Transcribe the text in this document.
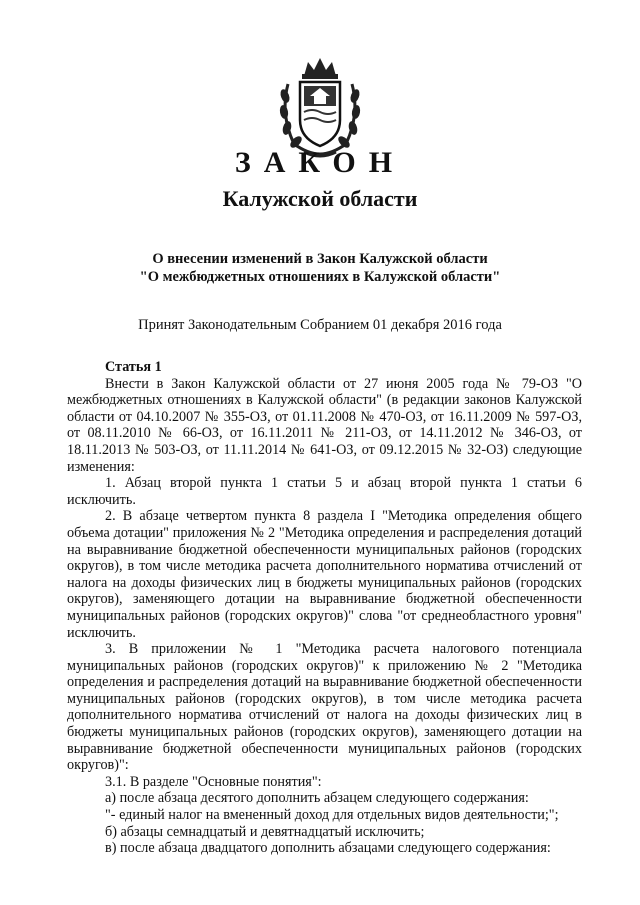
ЗАКОН
Калужской области
О внесении изменений в Закон Калужской области
"О межбюджетных отношениях в Калужской области"
Принят Законодательным Собранием 01 декабря 2016 года

Статья 1

Внести в Закон Калужской области от 27 июня 2005 года № 79-ОЗ "О межбюджетных отношениях в Калужской области" (в редакции законов Калужской области от 04.10.2007 № 355-ОЗ, от 01.11.2008 № 470-ОЗ, от 16.11.2009 № 597-ОЗ, от 08.11.2010 № 66-ОЗ, от 16.11.2011 № 211-ОЗ, от 14.11.2012 № 346-ОЗ, от 18.11.2013 № 503-ОЗ, от 11.11.2014 № 641-ОЗ, от 09.12.2015 № 32-ОЗ) следующие изменения:

1. Абзац второй пункта 1 статьи 5 и абзац второй пункта 1 статьи 6 исключить.

2. В абзаце четвертом пункта 8 раздела I "Методика определения общего объема дотации" приложения № 2 "Методика определения и распределения дотаций на выравнивание бюджетной обеспеченности муниципальных районов (городских округов), в том числе методика расчета дополнительного норматива отчислений от налога на доходы физических лиц в бюджеты муниципальных районов (городских округов), заменяющего дотации на выравнивание бюджетной обеспеченности муниципальных районов (городских округов)" слова "от среднеобластного уровня" исключить.

3. В приложении № 1 "Методика расчета налогового потенциала муниципальных районов (городских округов)" к приложению № 2 "Методика определения и распределения дотаций на выравнивание бюджетной обеспеченности муниципальных районов (городских округов), в том числе методика расчета дополнительного норматива отчислений от налога на доходы физических лиц в бюджеты муниципальных районов (городских округов), заменяющего дотации на выравнивание бюджетной обеспеченности муниципальных районов (городских округов)":

3.1. В разделе "Основные понятия":

а) после абзаца десятого дополнить абзацем следующего содержания:

"- единый налог на вмененный доход для отдельных видов деятельности;";

б) абзацы семнадцатый и девятнадцатый исключить;

в) после абзаца двадцатого дополнить абзацами следующего содержания:
